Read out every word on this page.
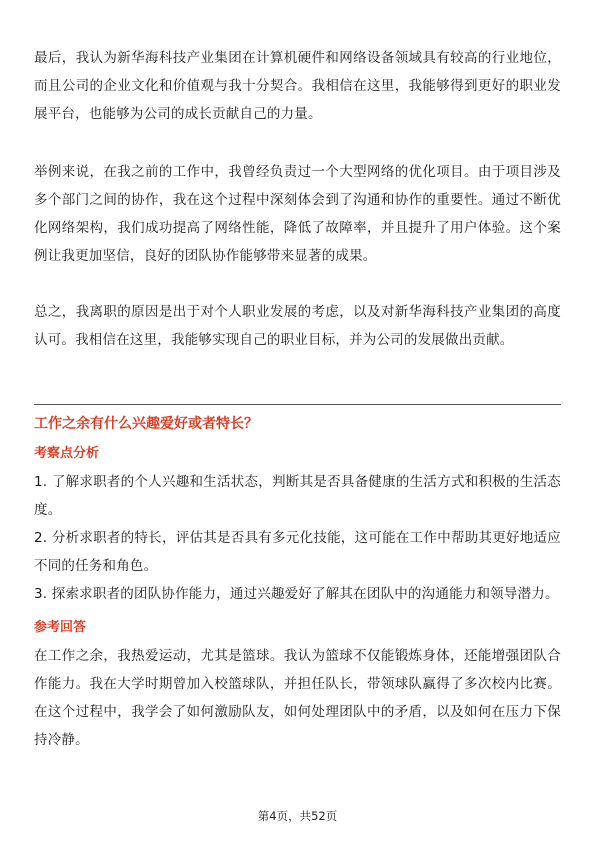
最后，我认为新华海科技产业集团在计算机硬件和网络设备领域具有较高的行业地位，而且公司的企业文化和价值观与我十分契合。我相信在这里，我能够得到更好的职业发展平台，也能够为公司的成长贡献自己的力量。

举例来说，在我之前的工作中，我曾经负责过一个大型网络的优化项目。由于项目涉及多个部门之间的协作，我在这个过程中深刻体会到了沟通和协作的重要性。通过不断优化网络架构，我们成功提高了网络性能，降低了故障率，并且提升了用户体验。这个案例让我更加坚信，良好的团队协作能够带来显著的成果。

总之，我离职的原因是出于对个人职业发展的考虑，以及对新华海科技产业集团的高度认可。我相信在这里，我能够实现自己的职业目标，并为公司的发展做出贡献。

工作之余有什么兴趣爱好或者特长？

考察点分析

1. 了解求职者的个人兴趣和生活状态，判断其是否具备健康的生活方式和积极的生活态度。

2. 分析求职者的特长，评估其是否具有多元化技能，这可能在工作中帮助其更好地适应不同的任务和角色。

3. 探索求职者的团队协作能力，通过兴趣爱好了解其在团队中的沟通能力和领导潜力。

参考回答

在工作之余，我热爱运动，尤其是篮球。我认为篮球不仅能锻炼身体，还能增强团队合作能力。我在大学时期曾加入校篮球队，并担任队长，带领球队赢得了多次校内比赛。在这个过程中，我学会了如何激励队友，如何处理团队中的矛盾，以及如何在压力下保持冷静。

第4页，共52页
